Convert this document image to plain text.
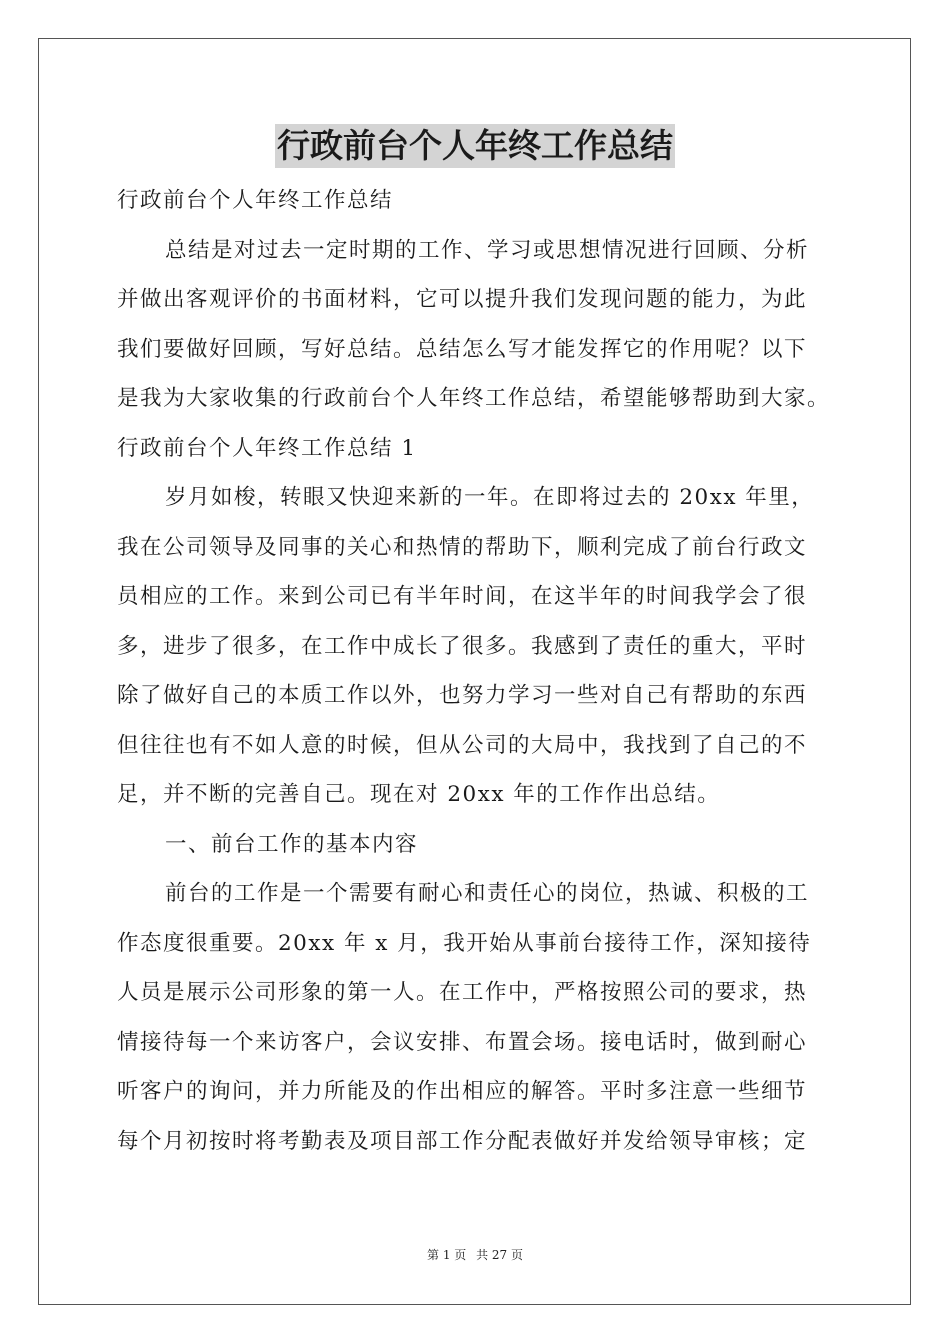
行政前台个人年终工作总结
行政前台个人年终工作总结
总结是对过去一定时期的工作、学习或思想情况进行回顾、分析
并做出客观评价的书面材料，它可以提升我们发现问题的能力，为此
我们要做好回顾，写好总结。总结怎么写才能发挥它的作用呢？以下
是我为大家收集的行政前台个人年终工作总结，希望能够帮助到大家。
行政前台个人年终工作总结 1
岁月如梭，转眼又快迎来新的一年。在即将过去的 20xx 年里，
我在公司领导及同事的关心和热情的帮助下，顺利完成了前台行政文
员相应的工作。来到公司已有半年时间，在这半年的时间我学会了很
多，进步了很多，在工作中成长了很多。我感到了责任的重大，平时
除了做好自己的本质工作以外，也努力学习一些对自己有帮助的东西
但往往也有不如人意的时候，但从公司的大局中，我找到了自己的不
足，并不断的完善自己。现在对 20xx 年的工作作出总结。
一、前台工作的基本内容
前台的工作是一个需要有耐心和责任心的岗位，热诚、积极的工
作态度很重要。20xx 年 x 月，我开始从事前台接待工作，深知接待
人员是展示公司形象的第一人。在工作中，严格按照公司的要求，热
情接待每一个来访客户，会议安排、布置会场。接电话时，做到耐心
听客户的询问，并力所能及的作出相应的解答。平时多注意一些细节
每个月初按时将考勤表及项目部工作分配表做好并发给领导审核；定
第 1 页 共 27 页
